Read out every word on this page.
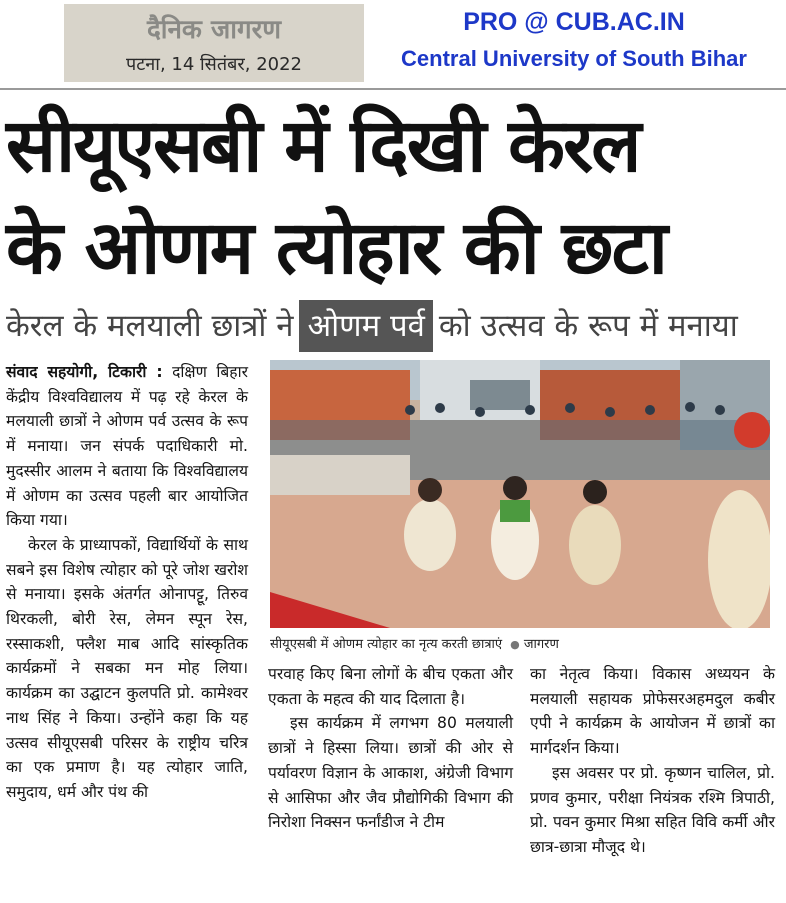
दैनिक जागरण
पटना, 14 सितंबर, 2022
PRO @ CUB.AC.IN
Central University of South Bihar
सीयूएसबी में दिखी केरल
के ओणम त्योहार की छटा
केरल के मलयाली छात्रों ने ओणम पर्व को उत्सव के रूप में मनाया

संवाद सहयोगी, टिकारी : दक्षिण बिहार केंद्रीय विश्वविद्यालय में पढ़ रहे केरल के मलयाली छात्रों ने ओणम पर्व उत्सव के रूप में मनाया। जन संपर्क पदाधिकारी मो. मुदस्सीर आलम ने बताया कि विश्वविद्यालय में ओणम का उत्सव पहली बार आयोजित किया गया।

केरल के प्राध्यापकों, विद्यार्थियों के साथ सबने इस विशेष त्योहार को पूरे जोश खरोश से मनाया। इसके अंतर्गत ओनापट्टू, तिरुव थिरकली, बोरी रेस, लेमन स्पून रेस, रस्साकशी, फ्लैश माब आदि सांस्कृतिक कार्यक्रमों ने सबका मन मोह लिया। कार्यक्रम का उद्घाटन कुलपति प्रो. कामेश्वर नाथ सिंह ने किया। उन्होंने कहा कि यह उत्सव सीयूएसबी परिसर के राष्ट्रीय चरित्र का एक प्रमाण है। यह त्योहार जाति, समुदाय, धर्म और पंथ की

सीयूएसबी में ओणम त्योहार का नृत्य करती छात्राएं ● जागरण

परवाह किए बिना लोगों के बीच एकता और एकता के महत्व की याद दिलाता है।

इस कार्यक्रम में लगभग 80 मलयाली छात्रों ने हिस्सा लिया। छात्रों की ओर से पर्यावरण विज्ञान के आकाश, अंग्रेजी विभाग से आसिफा और जैव प्रौद्योगिकी विभाग की निरोशा निक्सन फर्नांडीज ने टीम

का नेतृत्व किया। विकास अध्ययन के मलयाली सहायक प्रोफेसरअहमदुल कबीर एपी ने कार्यक्रम के आयोजन में छात्रों का मार्गदर्शन किया।

इस अवसर पर प्रो. कृष्णन चालिल, प्रो. प्रणव कुमार, परीक्षा नियंत्रक रश्मि त्रिपाठी, प्रो. पवन कुमार मिश्रा सहित विवि कर्मी और छात्र-छात्रा मौजूद थे।
